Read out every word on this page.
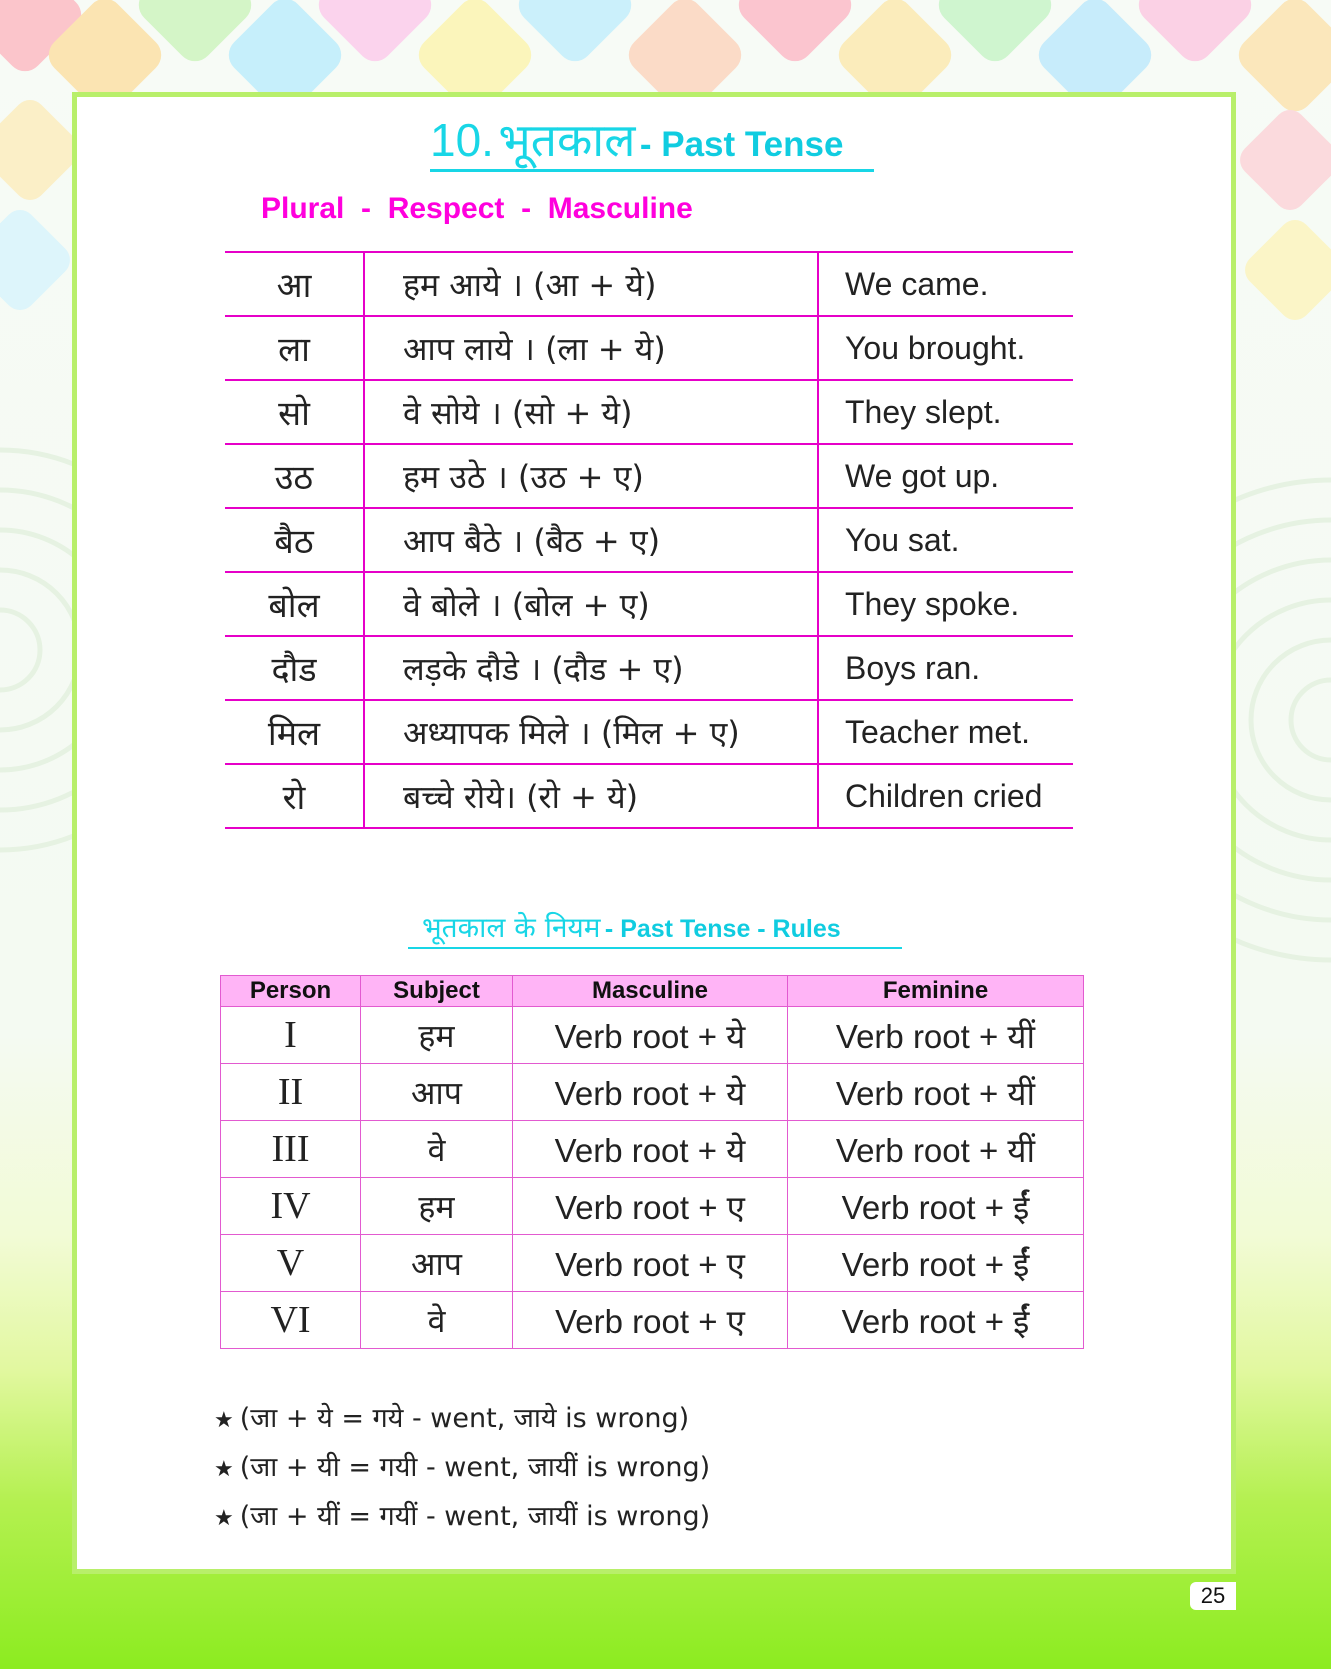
10. भूतकाल - Past Tense
Plural  -  Respect  -  Masculine
आ	हम आये । (आ + ये)	We came.
ला	आप लाये । (ला + ये)	You brought.
सो	वे सोये । (सो + ये)	They slept.
उठ	हम उठे । (उठ + ए)	We got up.
बैठ	आप बैठे । (बैठ + ए)	You sat.
बोल	वे बोले । (बोल + ए)	They spoke.
दौड	लड़के दौडे । (दौड + ए)	Boys ran.
मिल	अध्यापक मिले । (मिल + ए)	Teacher met.
रो	बच्चे रोये। (रो + ये)	Children cried
भूतकाल के नियम - Past Tense - Rules
Person	Subject	Masculine	Feminine
I	हम	Verb root + ये	Verb root + यीं
II	आप	Verb root + ये	Verb root + यीं
III	वे	Verb root + ये	Verb root + यीं
IV	हम	Verb root + ए	Verb root + ईं
V	आप	Verb root + ए	Verb root + ईं
VI	वे	Verb root + ए	Verb root + ईं
★ (जा + ये = गये - went, जाये is wrong)
★ (जा + यी = गयी - went, जायीं is wrong)
★ (जा + यीं = गयीं - went, जायीं is wrong)
25
